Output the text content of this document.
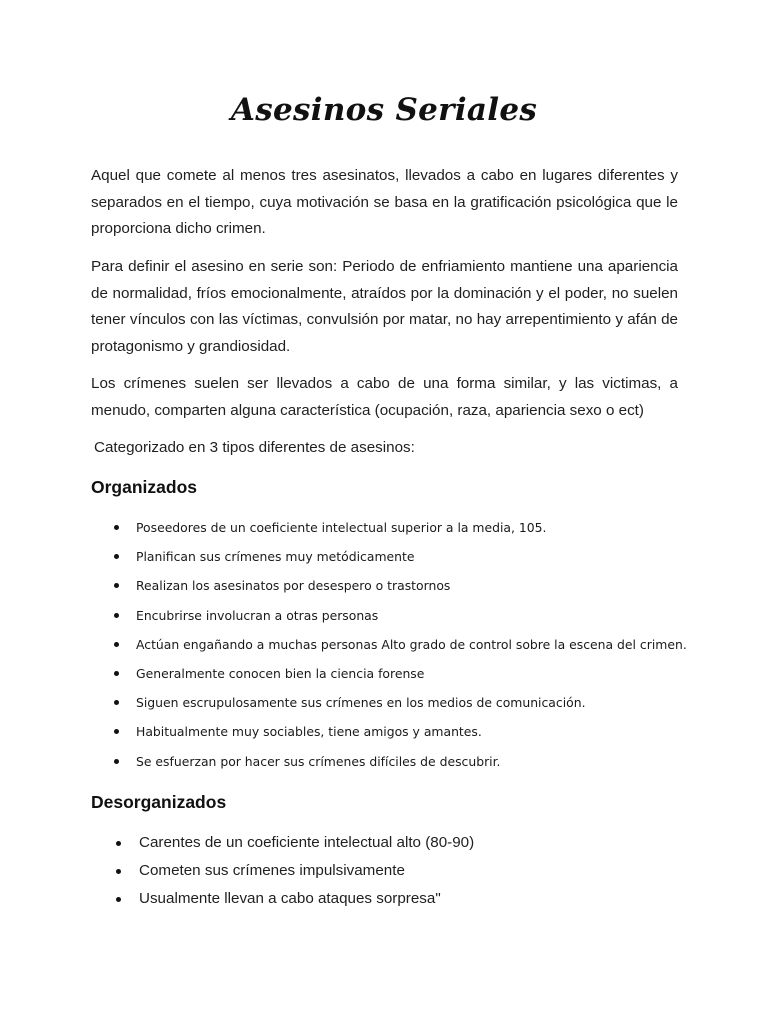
Asesinos Seriales

Aquel que comete al menos tres asesinatos, llevados a cabo en lugares diferentes y separados en el tiempo, cuya motivación se basa en la gratificación psicológica que le proporciona dicho crimen.

Para definir el asesino en serie son: Periodo de enfriamiento mantiene una apariencia de normalidad, fríos emocionalmente, atraídos por la dominación y el poder, no suelen tener vínculos con las víctimas, convulsión por matar, no hay arrepentimiento y afán de protagonismo y grandiosidad.

Los crímenes suelen ser llevados a cabo de una forma similar, y las victimas, a menudo, comparten alguna característica (ocupación, raza, apariencia sexo o ect)

Categorizado en 3 tipos diferentes de asesinos:

Organizados
Poseedores de un coeficiente intelectual superior a la media, 105.
Planifican sus crímenes muy metódicamente
Realizan los asesinatos por desespero o trastornos
Encubrirse involucran a otras personas
Actúan engañando a muchas personas Alto grado de control sobre la escena del crimen.
Generalmente conocen bien la ciencia forense
Siguen escrupulosamente sus crímenes en los medios de comunicación.
Habitualmente muy sociables, tiene amigos y amantes.
Se esfuerzan por hacer sus crímenes difíciles de descubrir.
Desorganizados
Carentes de un coeficiente intelectual alto (80-90)
Cometen sus crímenes impulsivamente
Usualmente llevan a cabo ataques sorpresa"
